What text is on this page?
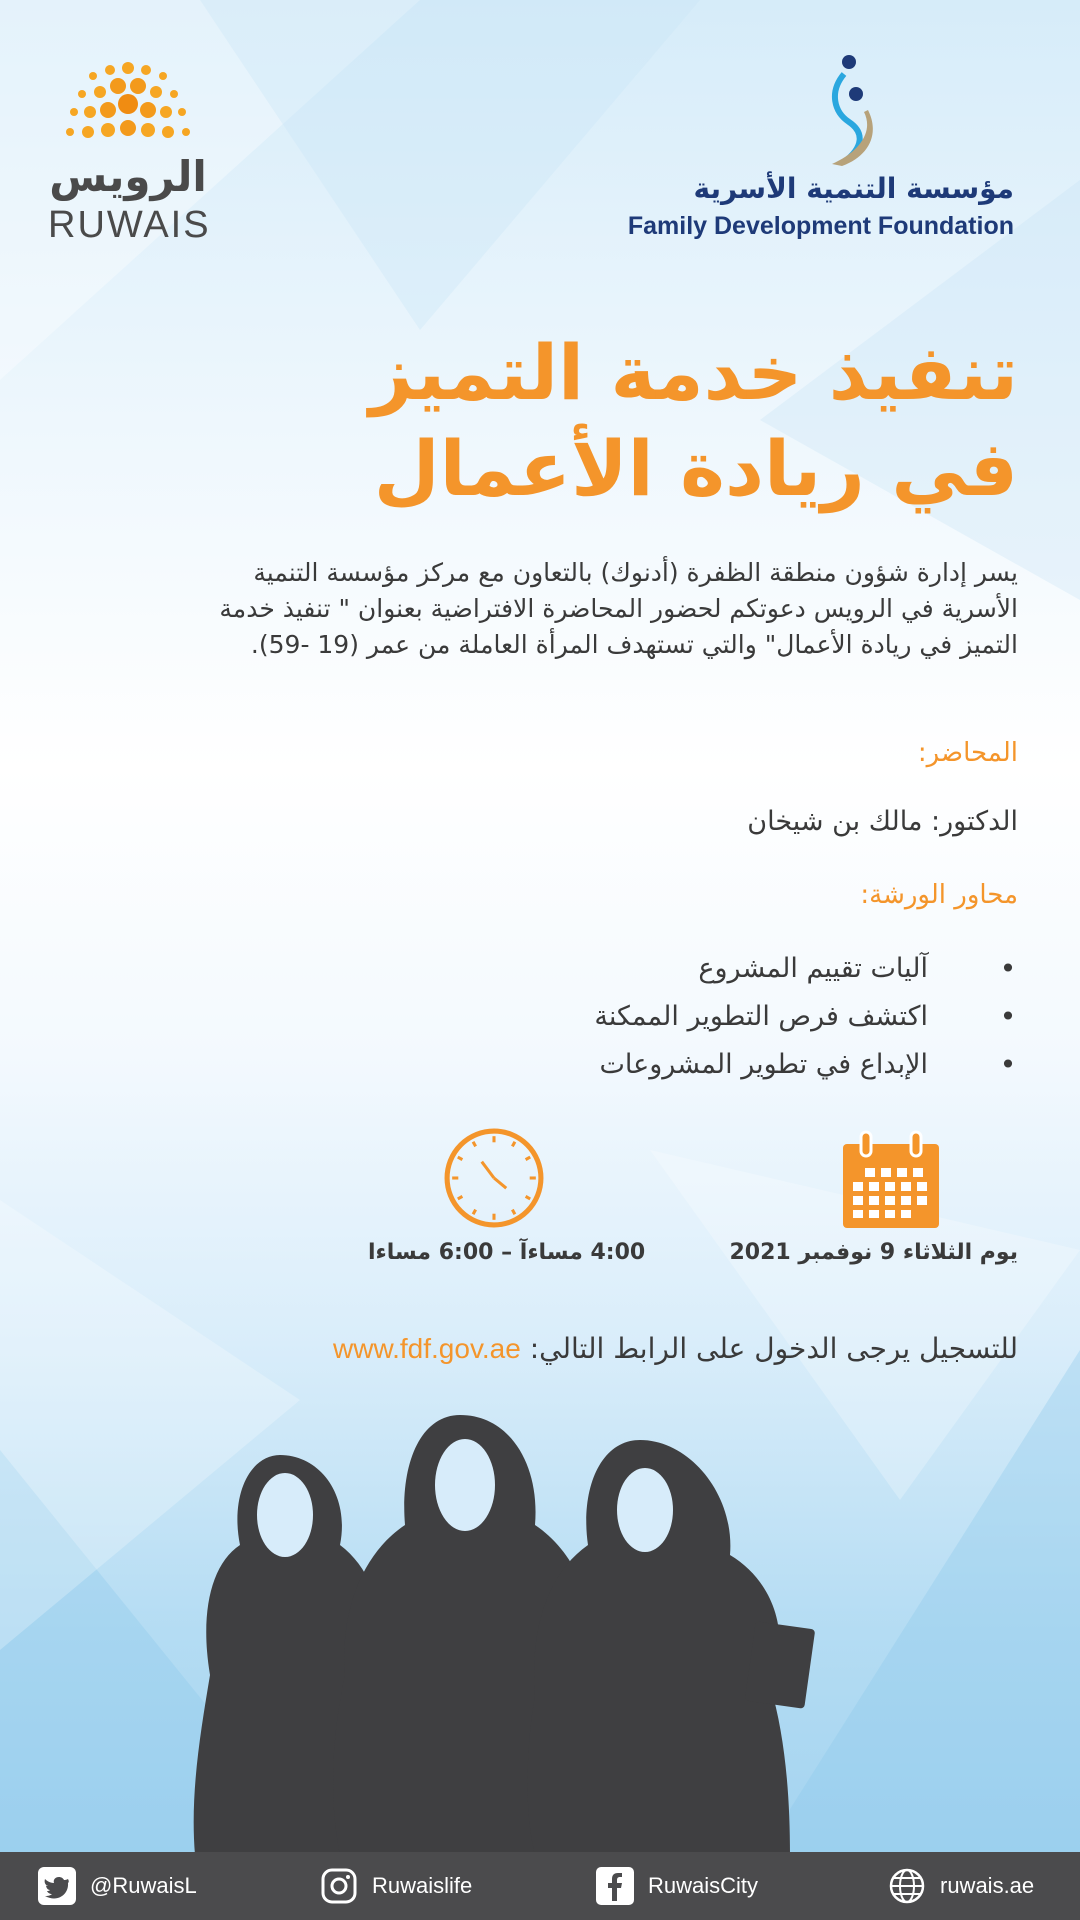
الرويس
RUWAIS
مؤسسة التنمية الأسرية
Family Development Foundation
تنفيذ خدمة التميز
في ريادة الأعمال
يسر إدارة شؤون منطقة الظفرة (أدنوك) بالتعاون مع مركز مؤسسة التنمية الأسرية في الرويس دعوتكم لحضور المحاضرة الافتراضية بعنوان " تنفيذ خدمة التميز في ريادة الأعمال" والتي تستهدف المرأة العاملة من عمر (19 -59).
المحاضر:
الدكتور: مالك بن شيخان
محاور الورشة:
•
آليات تقييم المشروع
•
اكتشف فرص التطوير الممكنة
•
الإبداع في تطوير المشروعات
يوم الثلاثاء 9 نوفمبر 2021
4:00 مساءآ – 6:00 مساءا
للتسجيل يرجى الدخول على الرابط التالي: www.fdf.gov.ae
@RuwaisL	Ruwaislife	RuwaisCity	ruwais.ae
